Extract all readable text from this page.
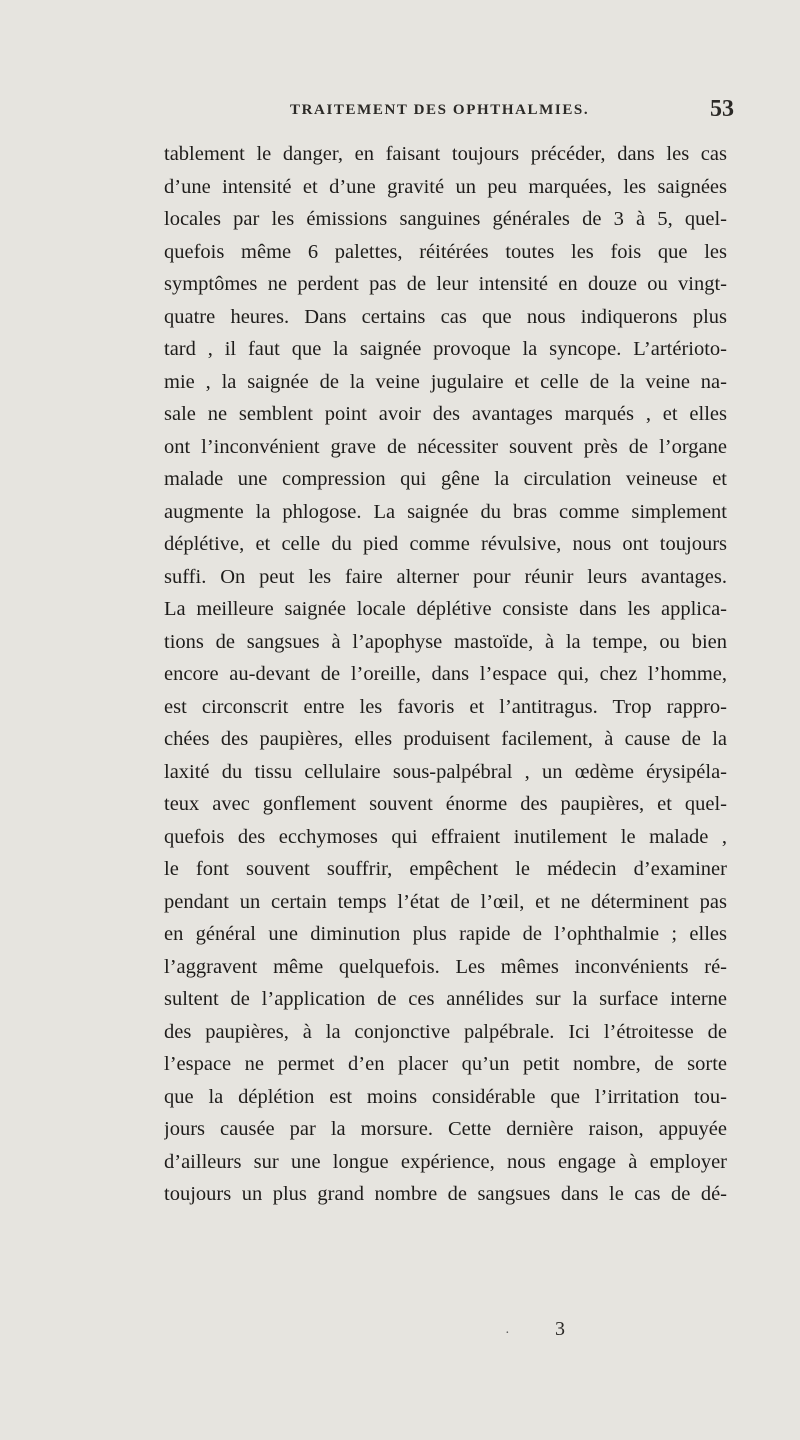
TRAITEMENT DES OPHTHALMIES.	53
tablement le danger, en faisant toujours précéder, dans les cas
d’une intensité et d’une gravité un peu marquées, les saignées
locales par les émissions sanguines générales de 3 à 5, quel-
quefois même 6 palettes, réitérées toutes les fois que les
symptômes ne perdent pas de leur intensité en douze ou vingt-
quatre heures. Dans certains cas que nous indiquerons plus
tard , il faut que la saignée provoque la syncope. L’artérioto-
mie , la saignée de la veine jugulaire et celle de la veine na-
sale ne semblent point avoir des avantages marqués , et elles
ont l’inconvénient grave de nécessiter souvent près de l’organe
malade une compression qui gêne la circulation veineuse et
augmente la phlogose. La saignée du bras comme simplement
déplétive, et celle du pied comme révulsive, nous ont toujours
suffi. On peut les faire alterner pour réunir leurs avantages.
La meilleure saignée locale déplétive consiste dans les applica-
tions de sangsues à l’apophyse mastoïde, à la tempe, ou bien
encore au-devant de l’oreille, dans l’espace qui, chez l’homme,
est circonscrit entre les favoris et l’antitragus. Trop rappro-
chées des paupières, elles produisent facilement, à cause de la
laxité du tissu cellulaire sous-palpébral , un œdème érysipéla-
teux avec gonflement souvent énorme des paupières, et quel-
quefois des ecchymoses qui effraient inutilement le malade ,
le font souvent souffrir, empêchent le médecin d’examiner
pendant un certain temps l’état de l’œil, et ne déterminent pas
en général une diminution plus rapide de l’ophthalmie ; elles
l’aggravent même quelquefois. Les mêmes inconvénients ré-
sultent de l’application de ces annélides sur la surface interne
des paupières, à la conjonctive palpébrale. Ici l’étroitesse de
l’espace ne permet d’en placer qu’un petit nombre, de sorte
que la déplétion est moins considérable que l’irritation tou-
jours causée par la morsure. Cette dernière raison, appuyée
d’ailleurs sur une longue expérience, nous engage à employer
toujours un plus grand nombre de sangsues dans le cas de dé-
· 3
